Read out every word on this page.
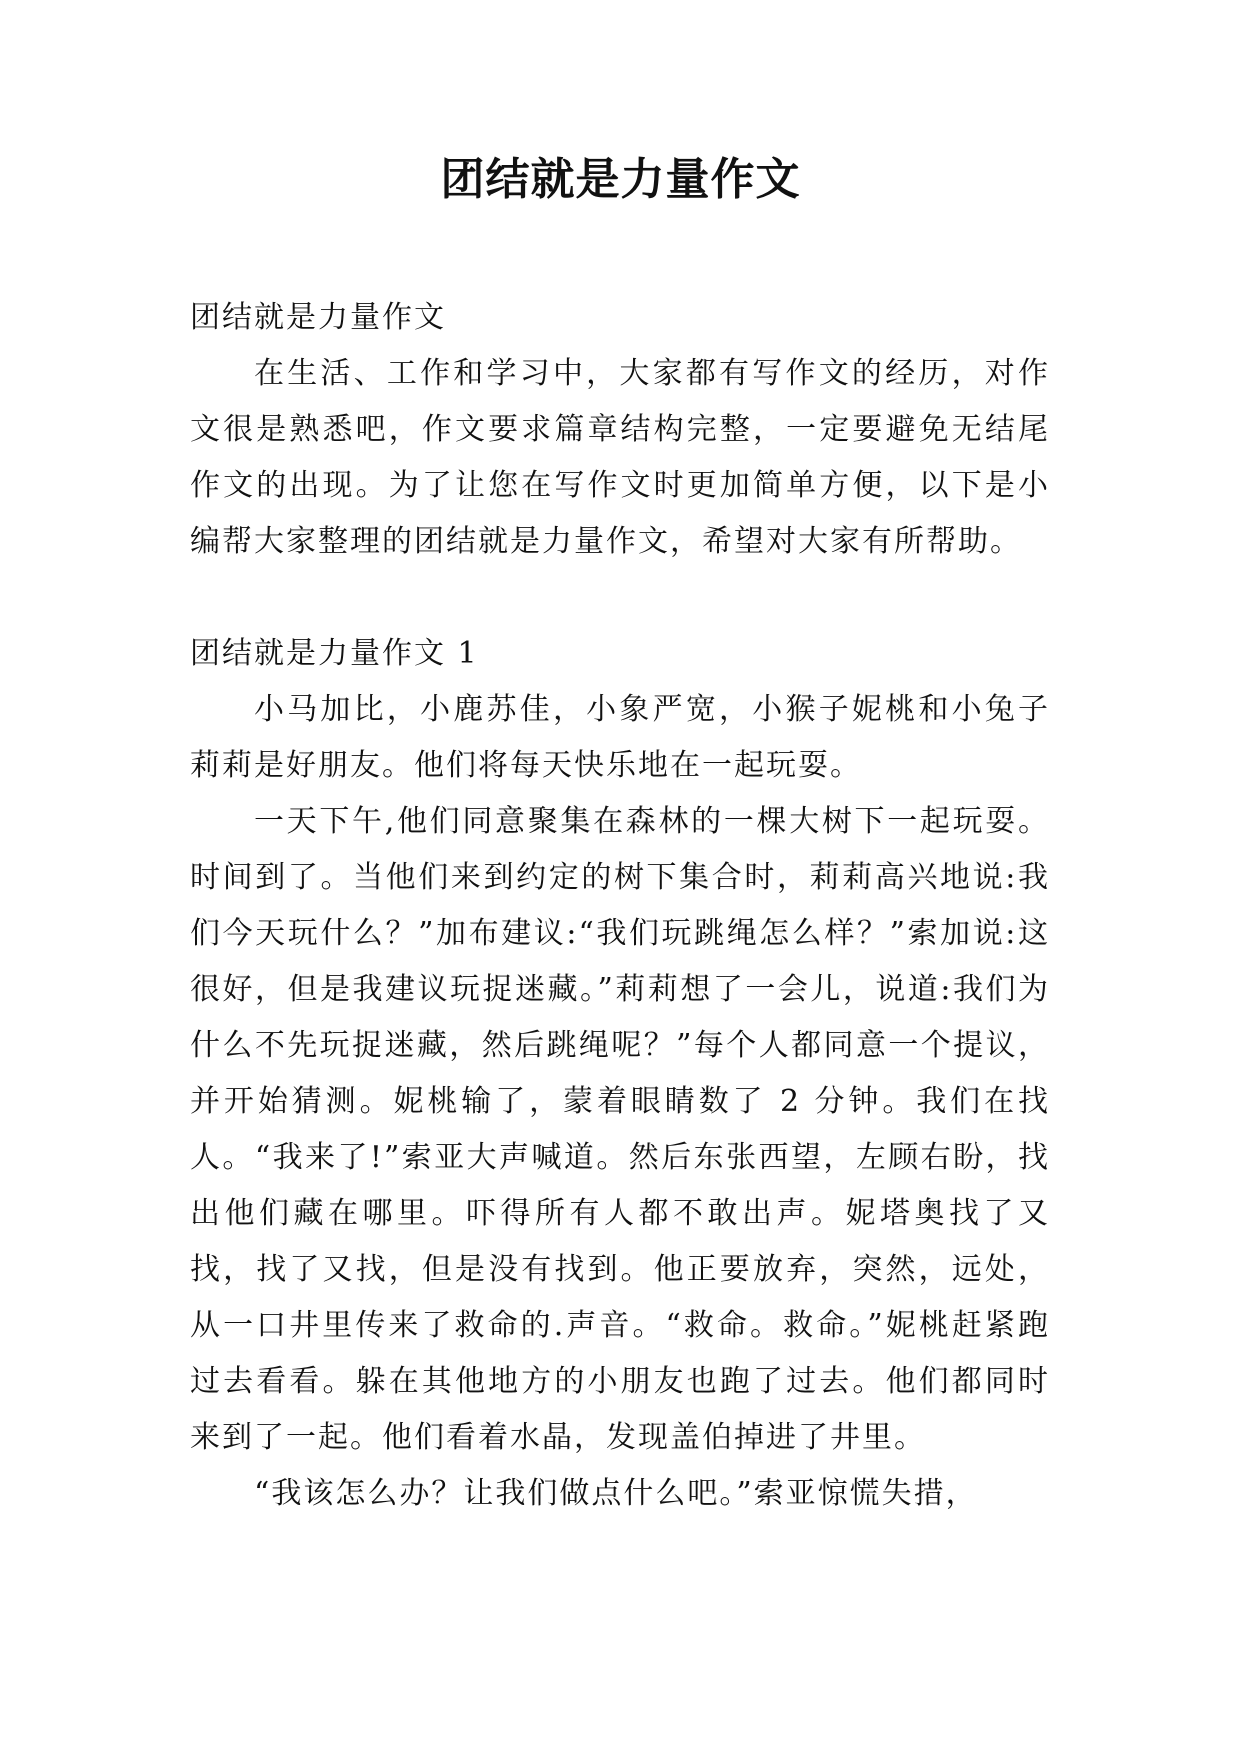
团结就是力量作文

团结就是力量作文

在生活、工作和学习中，大家都有写作文的经历，对作文很是熟悉吧，作文要求篇章结构完整，一定要避免无结尾作文的出现。为了让您在写作文时更加简单方便，以下是小编帮大家整理的团结就是力量作文，希望对大家有所帮助。

团结就是力量作文 1

小马加比，小鹿苏佳，小象严宽，小猴子妮桃和小兔子莉莉是好朋友。他们将每天快乐地在一起玩耍。

一天下午,他们同意聚集在森林的一棵大树下一起玩耍。时间到了。当他们来到约定的树下集合时，莉莉高兴地说:我们今天玩什么？”加布建议:“我们玩跳绳怎么样？”索加说:这很好，但是我建议玩捉迷藏。”莉莉想了一会儿，说道:我们为什么不先玩捉迷藏，然后跳绳呢？”每个人都同意一个提议，并开始猜测。妮桃输了，蒙着眼睛数了 2 分钟。我们在找人。“我来了!”索亚大声喊道。然后东张西望，左顾右盼，找出他们藏在哪里。吓得所有人都不敢出声。妮塔奥找了又找，找了又找，但是没有找到。他正要放弃，突然，远处，从一口井里传来了救命的.声音。“救命。救命。”妮桃赶紧跑过去看看。躲在其他地方的小朋友也跑了过去。他们都同时来到了一起。他们看着水晶，发现盖伯掉进了井里。

“我该怎么办？让我们做点什么吧。”索亚惊慌失措，
